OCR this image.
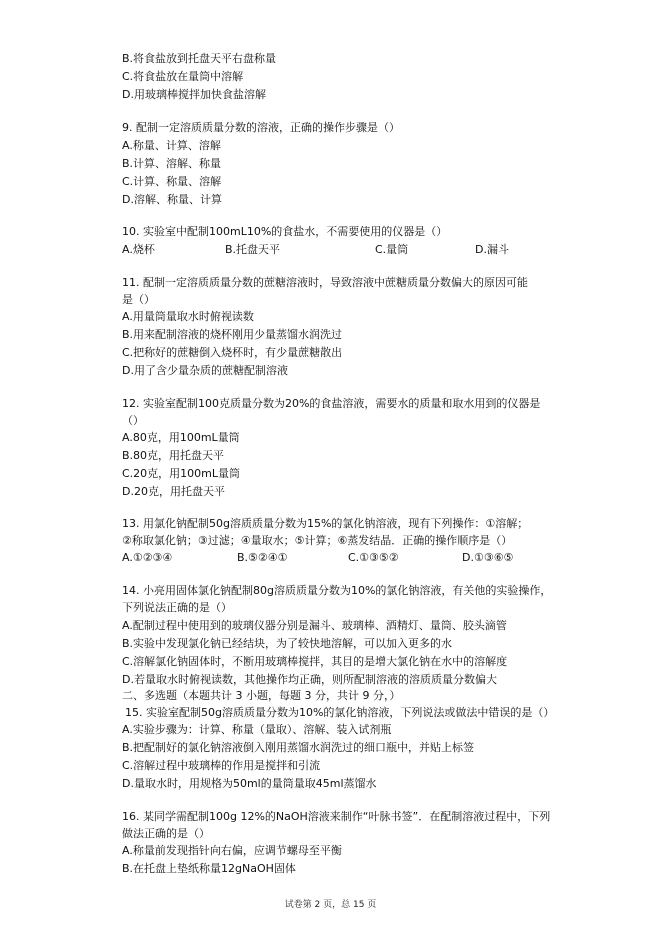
B.将食盐放到托盘天平右盘称量
C.将食盐放在量筒中溶解
D.用玻璃棒搅拌加快食盐溶解
9. 配制一定溶质质量分数的溶液，正确的操作步骤是（）
A.称量、计算、溶解
B.计算、溶解、称量
C.计算、称量、溶解
D.溶解、称量、计算
10. 实验室中配制100mL10%的食盐水，不需要使用的仪器是（）
A.烧杯	B.托盘天平	C.量筒	D.漏斗
11. 配制一定溶质质量分数的蔗糖溶液时，导致溶液中蔗糖质量分数偏大的原因可能
是（）
A.用量筒量取水时俯视读数
B.用来配制溶液的烧杯刚用少量蒸馏水润洗过
C.把称好的蔗糖倒入烧杯时，有少量蔗糖散出
D.用了含少量杂质的蔗糖配制溶液
12. 实验室配制100克质量分数为20%的食盐溶液，需要水的质量和取水用到的仪器是
（）
A.80克，用100mL量筒
B.80克，用托盘天平
C.20克，用100mL量筒
D.20克，用托盘天平
13. 用氯化钠配制50g溶质质量分数为15%的氯化钠溶液，现有下列操作：①溶解；
②称取氯化钠；③过滤；④量取水；⑤计算；⑥蒸发结晶．正确的操作顺序是（）
A.①②③④	B.⑤②④①	C.①③⑤②	D.①③⑥⑤
14. 小亮用固体氯化钠配制80g溶质质量分数为10%的氯化钠溶液，有关他的实验操作，
下列说法正确的是（）
A.配制过程中使用到的玻璃仪器分别是漏斗、玻璃棒、酒精灯、量筒、胶头滴管
B.实验中发现氯化钠已经结块，为了较快地溶解，可以加入更多的水
C.溶解氯化钠固体时，不断用玻璃棒搅拌，其目的是增大氯化钠在水中的溶解度
D.若量取水时俯视读数，其他操作均正确，则所配制溶液的溶质质量分数偏大
二、多选题（本题共计 3 小题，每题 3 分，共计 9 分，）
15. 实验室配制50g溶质质量分数为10%的氯化钠溶液，下列说法或做法中错误的是（）
A.实验步骤为：计算、称量（量取）、溶解、装入试剂瓶
B.把配制好的氯化钠溶液倒入刚用蒸馏水润洗过的细口瓶中，并贴上标签
C.溶解过程中玻璃棒的作用是搅拌和引流
D.量取水时，用规格为50ml的量筒量取45ml蒸馏水
16. 某同学需配制100g 12%的NaOH溶液来制作“叶脉书签”．在配制溶液过程中，下列
做法正确的是（）
A.称量前发现指针向右偏，应调节螺母至平衡
B.在托盘上垫纸称量12gNaOH固体
试卷第 2 页，总 15 页
